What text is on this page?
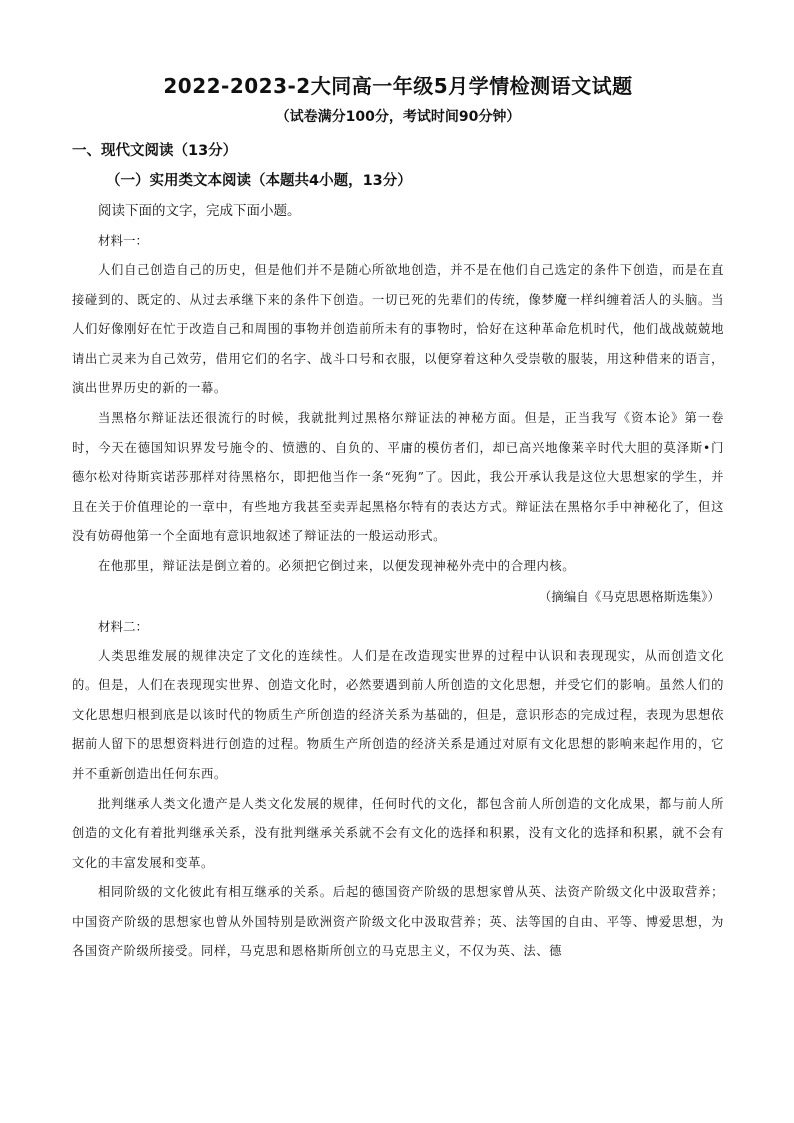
2022-2023-2大同高一年级5月学情检测语文试题
（试卷满分100分，考试时间90分钟）
一、现代文阅读（13分）
（一）实用类文本阅读（本题共4小题，13分）
阅读下面的文字，完成下面小题。
材料一：

人们自己创造自己的历史，但是他们并不是随心所欲地创造，并不是在他们自己选定的条件下创造，而是在直接碰到的、既定的、从过去承继下来的条件下创造。一切已死的先辈们的传统，像梦魔一样纠缠着活人的头脑。当人们好像刚好在忙于改造自己和周围的事物并创造前所未有的事物时，恰好在这种革命危机时代，他们战战兢兢地请出亡灵来为自己效劳，借用它们的名字、战斗口号和衣服，以便穿着这种久受崇敬的服装，用这种借来的语言，演出世界历史的新的一幕。

当黑格尔辩证法还很流行的时候，我就批判过黑格尔辩证法的神秘方面。但是，正当我写《资本论》第一卷时，今天在德国知识界发号施令的、愤懑的、自负的、平庸的模仿者们，却已高兴地像莱辛时代大胆的莫泽斯•门德尔松对待斯宾诺莎那样对待黑格尔，即把他当作一条“死狗”了。因此，我公开承认我是这位大思想家的学生，并且在关于价值理论的一章中，有些地方我甚至卖弄起黑格尔特有的表达方式。辩证法在黑格尔手中神秘化了，但这没有妨碍他第一个全面地有意识地叙述了辩证法的一般运动形式。

在他那里，辩证法是倒立着的。必须把它倒过来，以便发现神秘外壳中的合理内核。

（摘编自《马克思恩格斯选集》）
材料二：

人类思维发展的规律决定了文化的连续性。人们是在改造现实世界的过程中认识和表现现实，从而创造文化的。但是，人们在表现现实世界、创造文化时，必然要遇到前人所创造的文化思想，并受它们的影响。虽然人们的文化思想归根到底是以该时代的物质生产所创造的经济关系为基础的，但是，意识形态的完成过程，表现为思想依据前人留下的思想资料进行创造的过程。物质生产所创造的经济关系是通过对原有文化思想的影响来起作用的，它并不重新创造出任何东西。

批判继承人类文化遗产是人类文化发展的规律，任何时代的文化，都包含前人所创造的文化成果，都与前人所创造的文化有着批判继承关系，没有批判继承关系就不会有文化的选择和积累，没有文化的选择和积累，就不会有文化的丰富发展和变革。

相同阶级的文化彼此有相互继承的关系。后起的德国资产阶级的思想家曾从英、法资产阶级文化中汲取营养；中国资产阶级的思想家也曾从外国特别是欧洲资产阶级文化中汲取营养；英、法等国的自由、平等、博爱思想，为各国资产阶级所接受。同样，马克思和恩格斯所创立的马克思主义，不仅为英、法、德
